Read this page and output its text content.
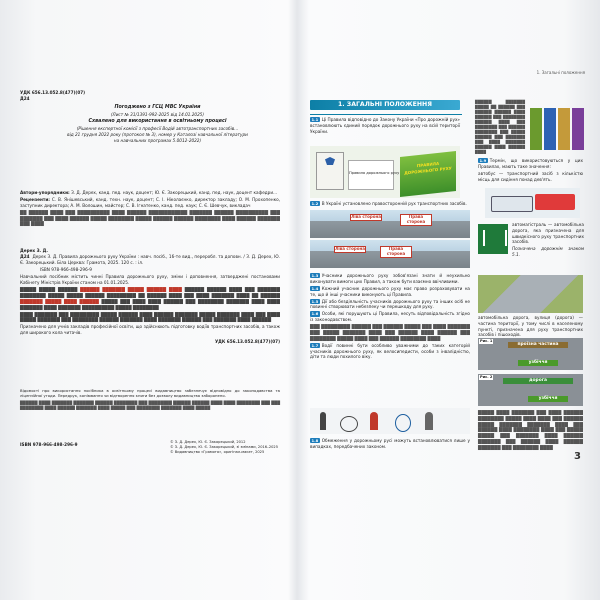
УДК 656.13.052.8(477)(07)
Д24
Погоджено з ГСЦ МВС України
(Лист № 31/1391-992-2025 від 14.01.2025)
Схвалено для використання в освітньому процесі
(Рішення експертної комісії з професії Водій автотранспортних засобів...
від 21 грудня 2022 року (протокол № 3), номер у Каталозі навчальної літератури
на навчальних програмах 5.0012-2022)
Автори-упорядники: З. Д. Дерех, канд. пед. наук, доцент; Ю. Є. Закорецький, канд. пед. наук, доцент кафедри...
Рецензенти: С. В. Янішевський, канд. техн. наук, доцент; С. І. Ніколаєнко, директор закладу; О. М. Прохопенко, заступник директора; А. М. Волошин, майстер; С. В. Ігнатенко, канд. пед. наук; С. Є. Шевчук, викладач
██ ██████ ████ ███ ██████████ ████ ██████ ████████████ ███████ ██████ ██████████ ███ ███████ ███ ████ ██████ █████ ████████ █████ ██████ ██████ ████████ ████ ██████ ███████ ███ ████
Дерех З. Д.
Д24 Дерех З. Д. Правила дорожнього руху України : навч. посіб., 16-те вид., переробл. та доповн. / З. Д. Дерех, Ю. Є. Закорецький. Біла Церква: Грамота, 2025. 120 с. : іл.
ISBN 978-966-498-296-9
Навчальний посібник містить чинні Правила дорожнього руху, зміни і доповнення, затверджені постановами Кабінету Міністрів України станом на 01.01.2025.
█████ █████ ██████ ██████ ███████ █████ ██████ ████ ██████ ██████ ████ ███ ███████ ████████ █████ █████ ██████ █████████ ██ ██████ ████ ███ ████ ███████ ████ ██ ██████ ███████ █████ ████ ██████ █████ ███ ████ ████ ██████ ███ ████████ ███████ ████ ████ ███████ ████ ███████ ██████████ █████ ████████
████ ███████ ███ █████████ █████ ██████ ████ ██████ ███████ █████ ███████ ████ ███ ████ █████ ███████ ███ ████████ ██████ ███████ ████ ███████ ██████ ███ ███████ ████ ██████
Призначено для учнів закладів професійної освіти, що здійснюють підготовку водіїв транспортних засобів, а також для широкого кола читачів.
УДК 656.13.052.8(477)(07)
Відомості про використання посібника в освітньому процесі видавництво забезпечує відповідно до законодавства та ліцензійної угоди. Передрук, копіювання чи відтворення книги без дозволу видавництва заборонено.
██████ ████ ███████ ███████ ██████ ████████ ███ ████████ ██████ ██████ ████ ████ ████████ ███ ███ ████████ ████ ██████ ███████ ████ █████ ███ ████████ ███████ ████ █████
ISBN 978-966-498-296-9	© З. Д. Дерех, Ю. Є. Закорецький, 2012
© З. Д. Дерех, Ю. Є. Закорецький, зі змінами, 2016–2025
© Видавництво «Грамота», оригінал-макет, 2025
1. Загальні положення
1. ЗАГАЛЬНІ ПОЛОЖЕННЯ
1.1 Ці Правила відповідно до Закону України «Про дорожній рух» встановлюють єдиний порядок дорожнього руху на всій території України.
Правила дорожнього руху
ПРАВИЛА ДОРОЖНЬОГО РУХУ
██████ ███████ █████ ██ ██████ ███ ██████ ██████ ████ ██████ ███ ████████ ██████ ████ ███ ████████ ███ ██████ ████████ ███ █████ ██████ ███ ███████ ███ ████ ███████ ██████ ████ ██████ ████
1.2 В Україні установлено правосторонній рух транспортних засобів.
Ліва сторона	Права сторона
Ліва сторона	Права сторона
1.9 Термін, що використовуються у цих Правилах, мають таке значення:
автобус — транспортний засіб з кількістю місць для сидіння понад дев'ять.
автомагістраль — автомобільна дорога, яка призначена для швидкісного руху транспортних засобів.
Позначена дорожнім знаком 5.1.
1.3 Учасники дорожнього руху зобов'язані знати й неухильно виконувати вимоги цих Правил, а також бути взаємно ввічливими.
1.4 Кожний учасник дорожнього руху має право розраховувати на те, що й інші учасники виконують ці Правила.
1.5 Дії або бездіяльність учасників дорожнього руху та інших осіб не повинні створювати небезпеку чи перешкоду для руху.
1.6 Особи, які порушують ці Правила, несуть відповідальність згідно із законодавством.
███ █████████ ██████ ███ ██████ █████ ███ ████ ███████ ███ █████ ███████ ████ ███ ██████ ████ ██████ ███ ████████ █████ ████ ███ ██████ ████████ ████
1.7 Водії повинні бути особливо уважними до таких категорій учасників дорожнього руху, як велосипедисти, особи з інвалідністю, діти та люди похилого віку.
1.8 Обмеження у дорожньому русі можуть встановлюватися лише у випадках, передбачених законом.
автомобільна дорога, вулиця (дорога) — частина території, у тому числі в населеному пункті, призначена для руху транспортних засобів і пішоходів.
Рис. 1
проїзна частина
узбіччя
Рис. 2
дорога
узбіччя
█████ ████ ███████ ███ ████ ██████ ████████ █████ ████ ████ ███ ██████ █████ ███████ ███████ ████ ███ ██████ ████ ████████ ████ ███ █████ █████ ███ ███████ ████ ██████ ███████ ███ ██████ ████ ██████ ███████ ███ ████████ ████
3
